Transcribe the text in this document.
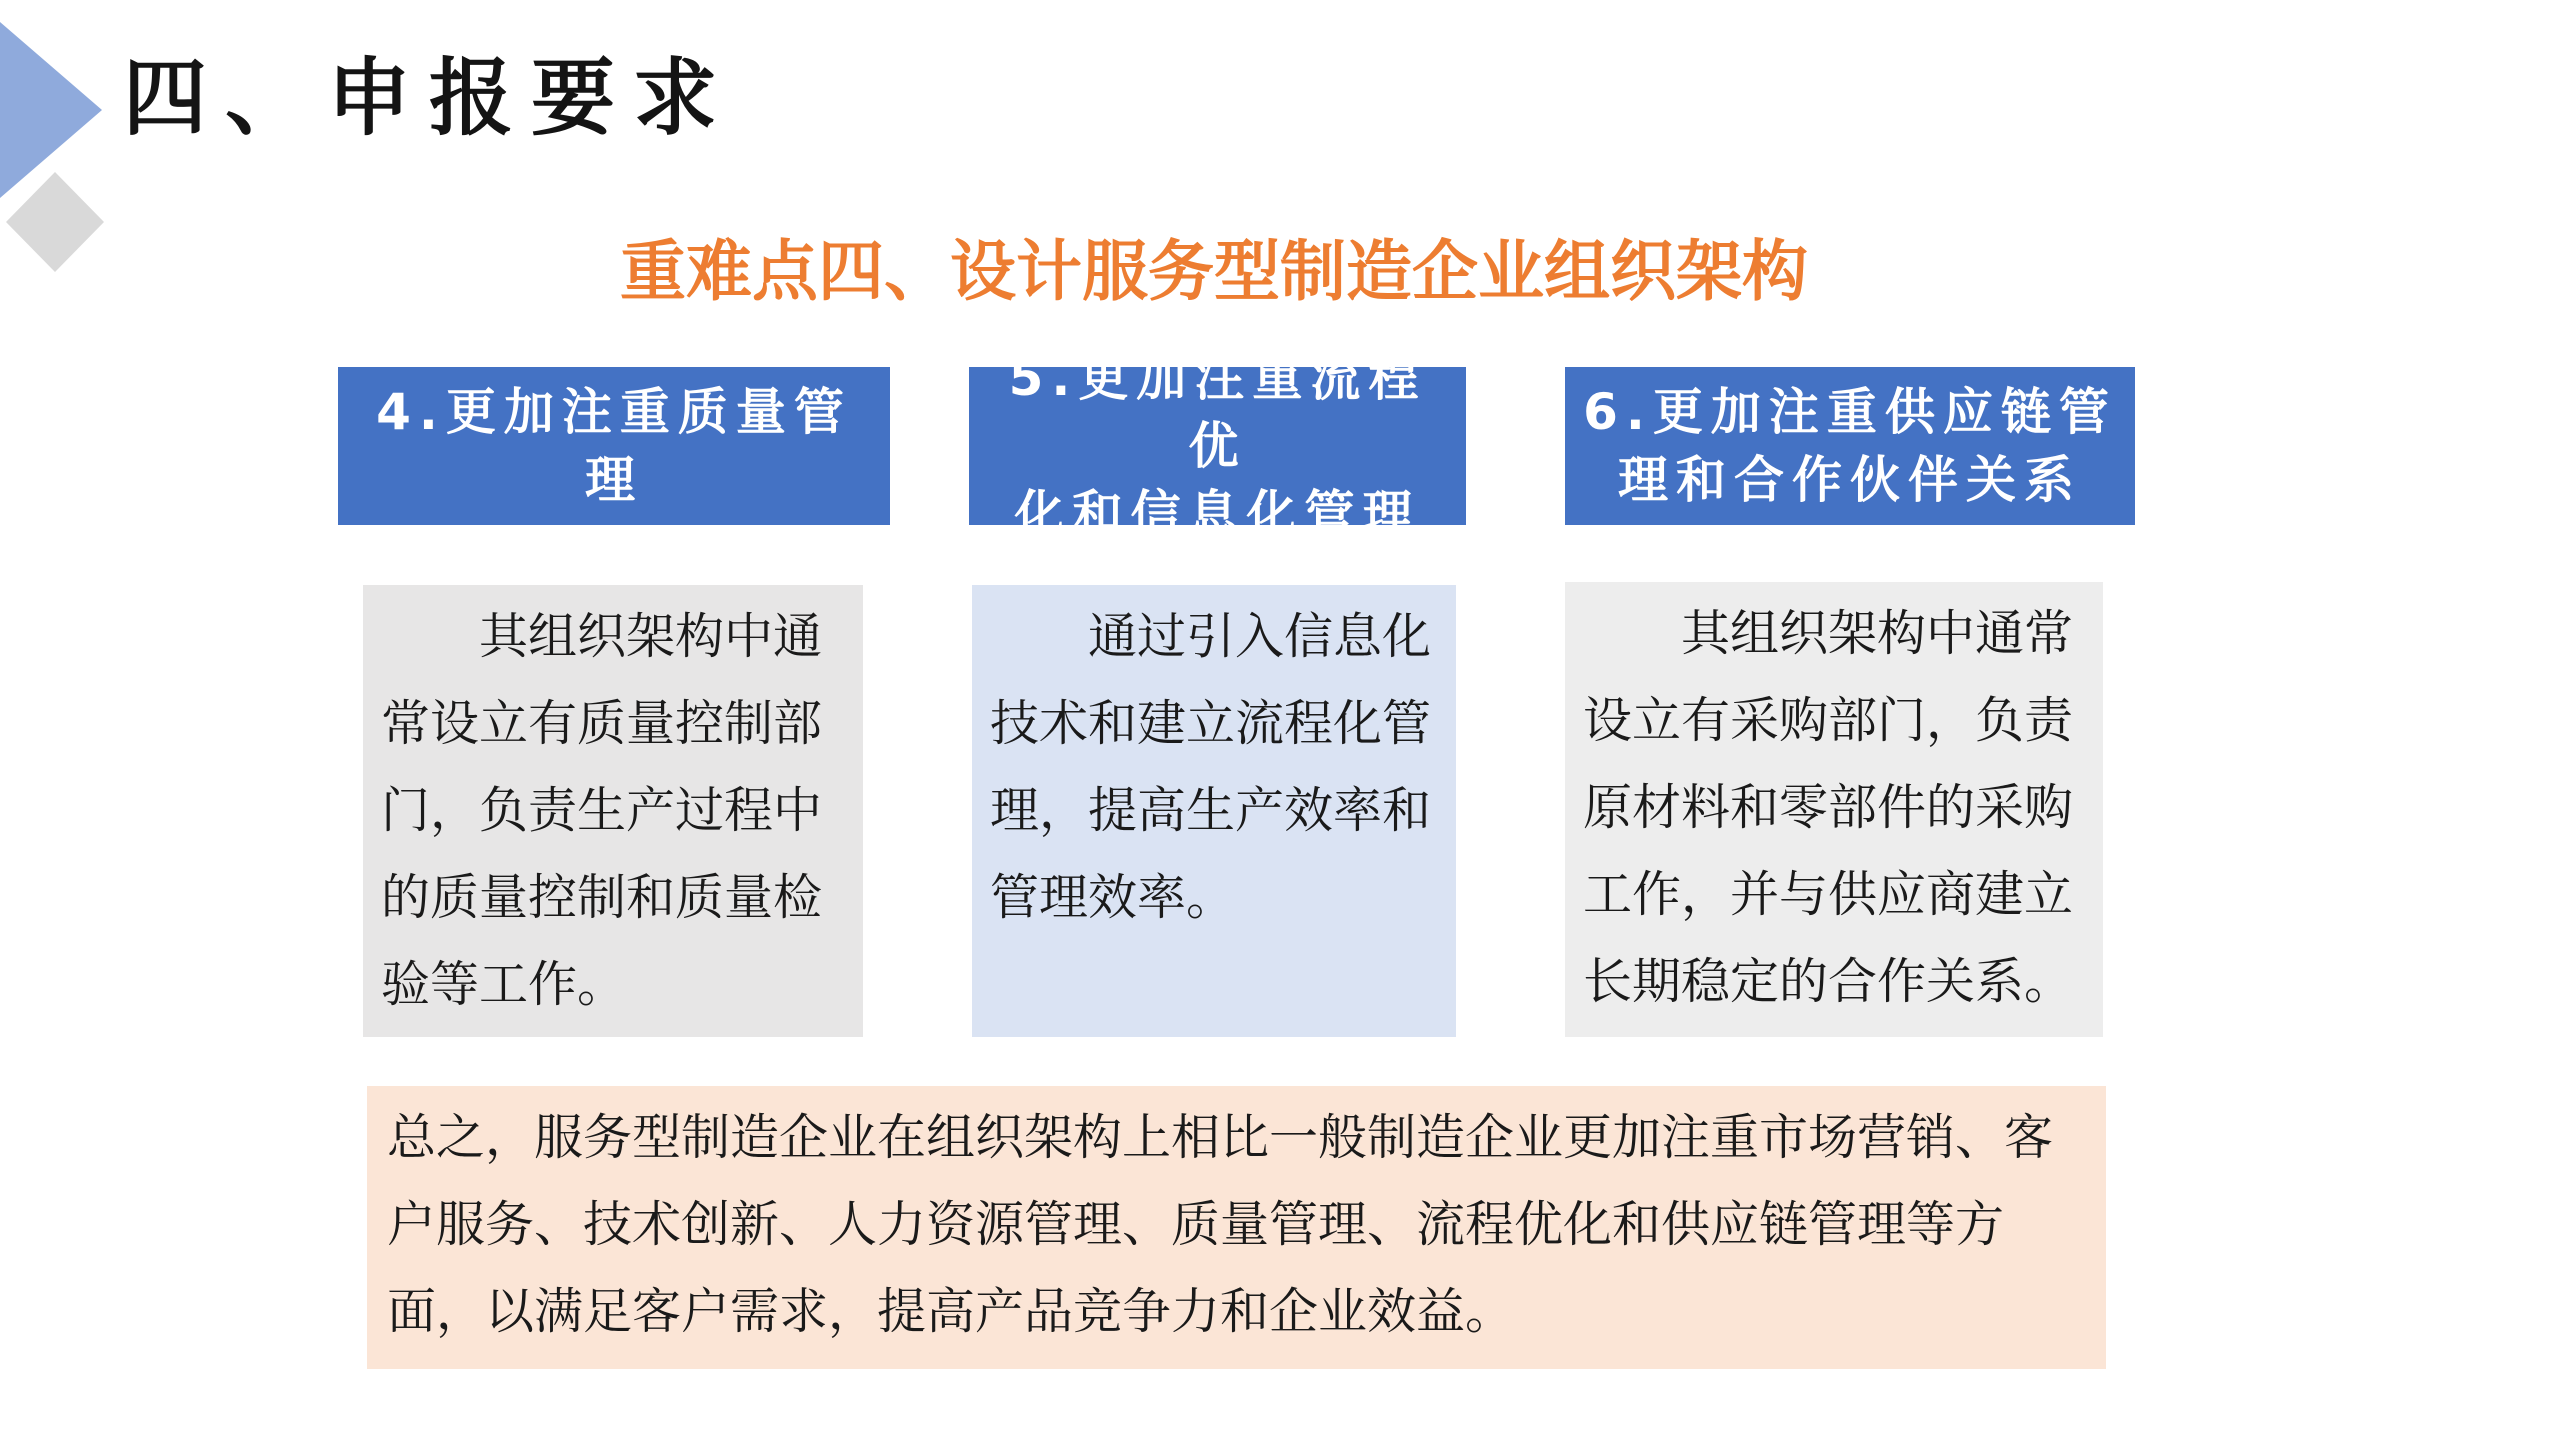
四、申报要求
重难点四、设计服务型制造企业组织架构
4.更加注重质量管理
5.更加注重流程优
化和信息化管理
6.更加注重供应链管
理和合作伙伴关系
其组织架构中通常设立有质量控制部门，负责生产过程中的质量控制和质量检验等工作。
通过引入信息化技术和建立流程化管理，提高生产效率和管理效率。
其组织架构中通常设立有采购部门，负责原材料和零部件的采购工作，并与供应商建立长期稳定的合作关系。
总之，服务型制造企业在组织架构上相比一般制造企业更加注重市场营销、客户服务、技术创新、人力资源管理、质量管理、流程优化和供应链管理等方面，以满足客户需求，提高产品竞争力和企业效益。
